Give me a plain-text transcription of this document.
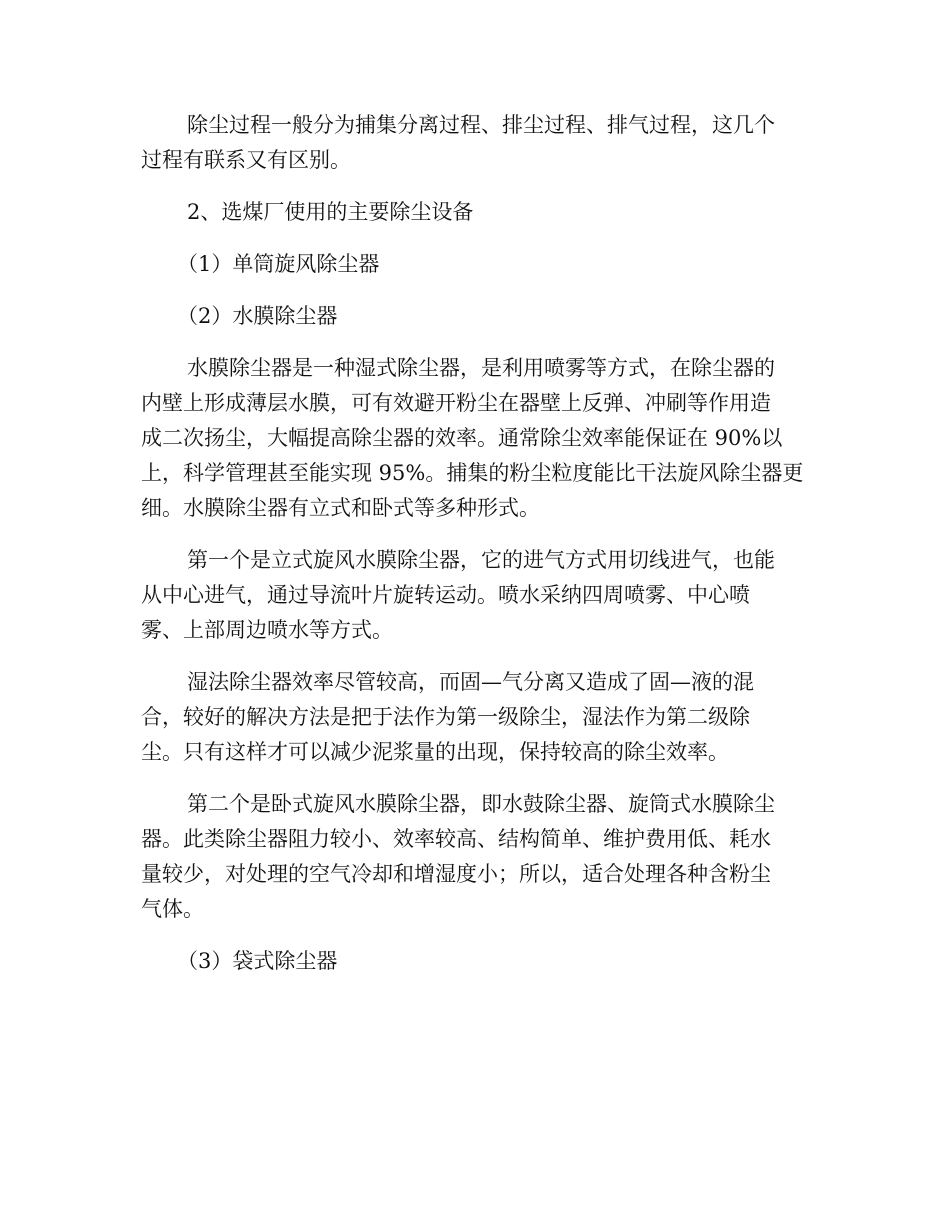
除尘过程一般分为捕集分离过程、排尘过程、排气过程，这几个
过程有联系又有区别。
2、选煤厂使用的主要除尘设备
（1）单筒旋风除尘器
（2）水膜除尘器
水膜除尘器是一种湿式除尘器，是利用喷雾等方式，在除尘器的
内壁上形成薄层水膜，可有效避开粉尘在器壁上反弹、冲刷等作用造
成二次扬尘，大幅提高除尘器的效率。通常除尘效率能保证在 90%以
上，科学管理甚至能实现 95%。捕集的粉尘粒度能比干法旋风除尘器更
细。水膜除尘器有立式和卧式等多种形式。
第一个是立式旋风水膜除尘器，它的进气方式用切线进气，也能
从中心进气，通过导流叶片旋转运动。喷水采纳四周喷雾、中心喷
雾、上部周边喷水等方式。
湿法除尘器效率尽管较高，而固—气分离又造成了固—液的混
合，较好的解决方法是把于法作为第一级除尘，湿法作为第二级除
尘。只有这样才可以减少泥浆量的出现，保持较高的除尘效率。
第二个是卧式旋风水膜除尘器，即水鼓除尘器、旋筒式水膜除尘
器。此类除尘器阻力较小、效率较高、结构简单、维护费用低、耗水
量较少，对处理的空气冷却和增湿度小；所以，适合处理各种含粉尘
气体。
（3）袋式除尘器
